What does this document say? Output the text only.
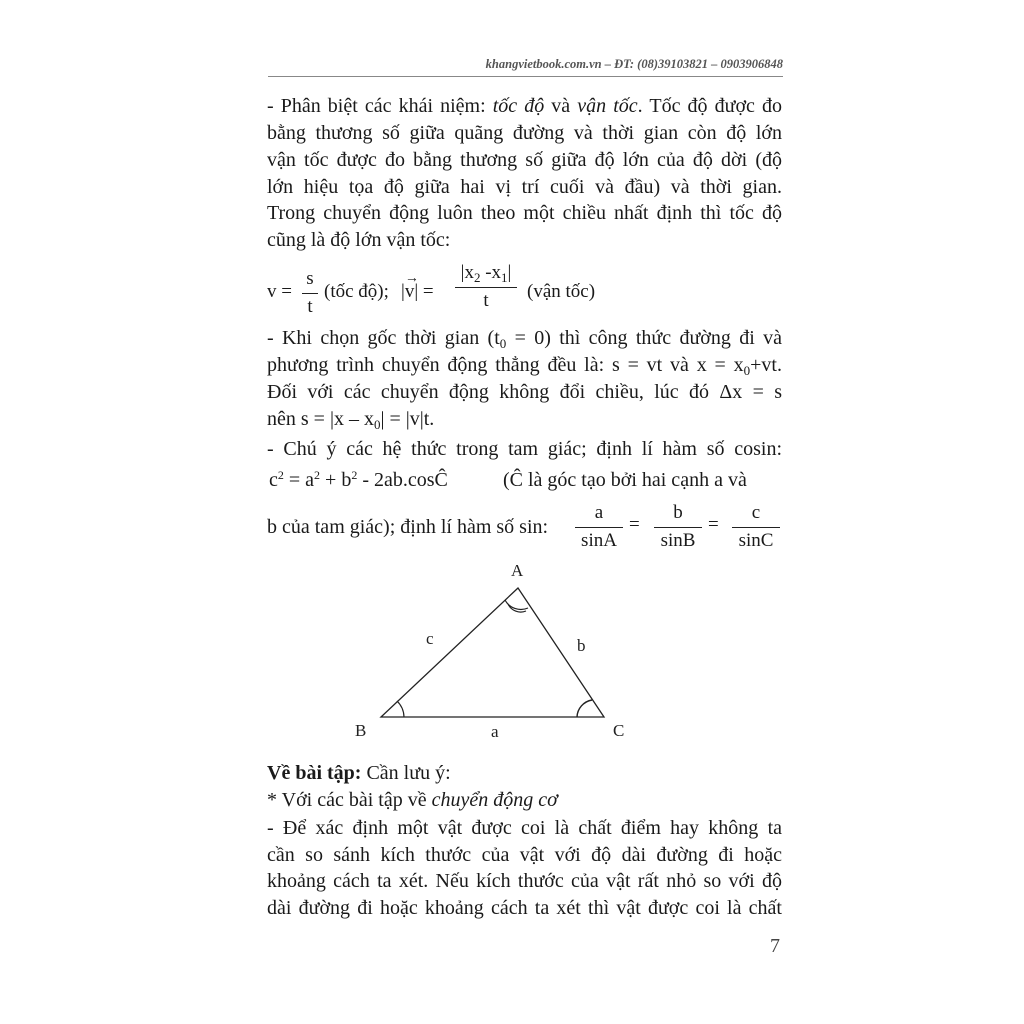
khangvietbook.com.vn – ĐT: (08)39103821 – 0903906848
- Phân biệt các khái niệm: tốc độ và vận tốc. Tốc độ được đo
bằng thương số giữa quãng đường và thời gian còn độ lớn
vận tốc được đo bằng thương số giữa độ lớn của độ dời (độ
lớn hiệu tọa độ giữa hai vị trí cuối và đầu) và thời gian.
Trong chuyển động luôn theo một chiều nhất định thì tốc độ
cũng là độ lớn vận tốc:
v =
s
t
(tốc độ); |
→
v| =
$|x_2$ $-x_1|$
t	(vận tốc)
- Khi chọn gốc thời gian $(t_0 = 0)$ thì công thức đường đi và
phương trình chuyển động thẳng đều là: s = vt và $x = x_0+vt$.
Đối với các chuyển động không đổi chiều, lúc đó Δx = s
nên $s = |x - x_0| = |v|t$.
- Chú ý các hệ thức trong tam giác; định lí hàm số cosin:
$c^2 = a^2 + b^2$ - 2ab.cosĈ	(Ĉ là góc tạo bởi hai cạnh a và
b của tam giác); định lí hàm số sin:
a
sinA
=
b
sinB
=
c
sinC
A
B	C
a
b
c
Về bài tập: Cần lưu ý:
* Với các bài tập về chuyển động cơ
- Để xác định một vật được coi là chất điểm hay không ta
cần so sánh kích thước của vật với độ dài đường đi hoặc
khoảng cách ta xét. Nếu kích thước của vật rất nhỏ so với độ
dài đường đi hoặc khoảng cách ta xét thì vật được coi là chất
7
